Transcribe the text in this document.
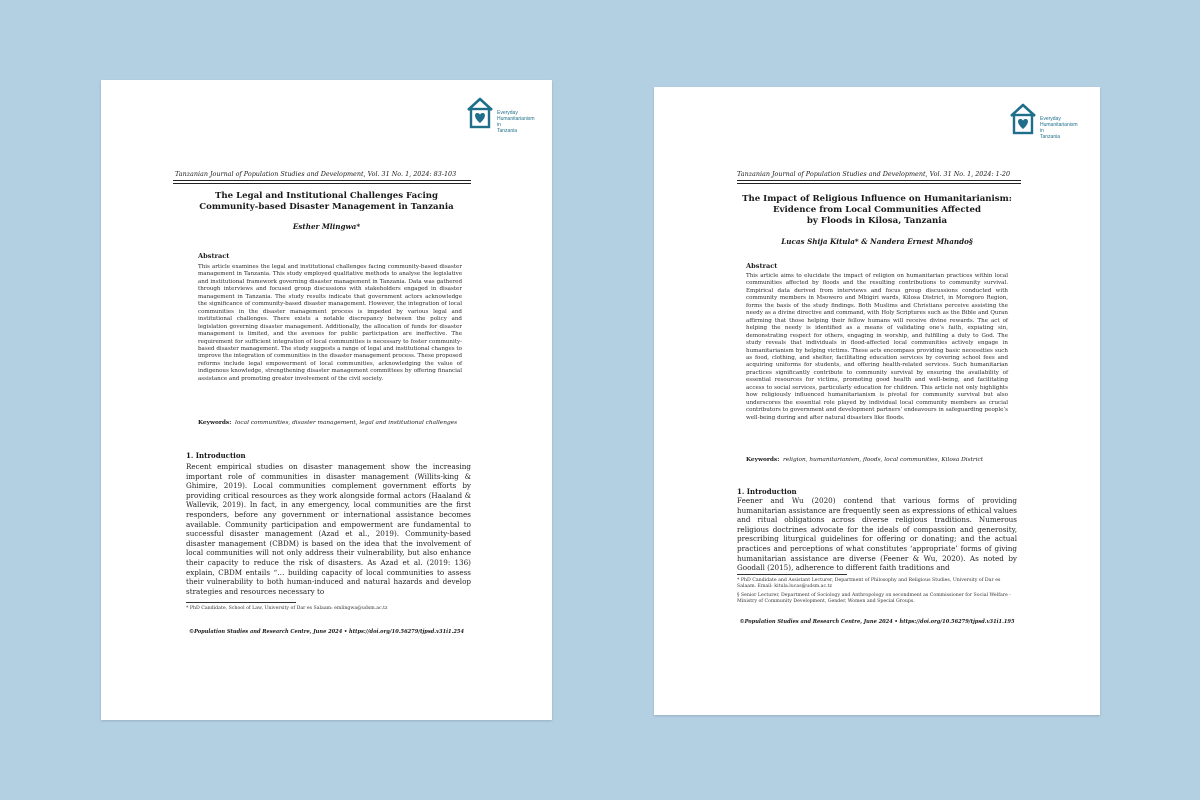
Everyday
Humanitarianism in
Tanzania
Tanzanian Journal of Population Studies and Development, Vol. 31 No. 1, 2024: 83-103
The Legal and Institutional Challenges Facing
Community-based Disaster Management in Tanzania
Esther Mlingwa*
Abstract
This article examines the legal and institutional challenges facing community-based disaster management in Tanzania. This study employed qualitative methods to analyse the legislative and institutional framework governing disaster management in Tanzania. Data was gathered through interviews and focused group discussions with stakeholders engaged in disaster management in Tanzania. The study results indicate that government actors acknowledge the significance of community-based disaster management. However, the integration of local communities in the disaster management process is impeded by various legal and institutional challenges. There exists a notable discrepancy between the policy and legislation governing disaster management. Additionally, the allocation of funds for disaster management is limited, and the avenues for public participation are ineffective. The requirement for sufficient integration of local communities is necessary to foster community-based disaster management. The study suggests a range of legal and institutional changes to improve the integration of communities in the disaster management process. These proposed reforms include legal empowerment of local communities, acknowledging the value of indigenous knowledge, strengthening disaster management committees by offering financial assistance and promoting greater involvement of the civil society.
Keywords: local communities, disaster management, legal and institutional challenges
1. Introduction
Recent empirical studies on disaster management show the increasing important role of communities in disaster management (Willits-king & Ghimire, 2019). Local communities complement government efforts by providing critical resources as they work alongside formal actors (Haaland & Wallevik, 2019). In fact, in any emergency, local communities are the first responders, before any government or international assistance becomes available. Community participation and empowerment are fundamental to successful disaster management (Azad et al., 2019). Community-based disaster management (CBDM) is based on the idea that the involvement of local communities will not only address their vulnerability, but also enhance their capacity to reduce the risk of disasters. As Azad et al. (2019: 136) explain, CBDM entails “… building capacity of local communities to assess their vulnerability to both human-induced and natural hazards and develop strategies and resources necessary to
* PhD Candidate, School of Law, University of Dar es Salaam: emlingwa@udsm.ac.tz
©Population Studies and Research Centre, June 2024 • https://doi.org/10.56279/tjpsd.v31i1.254
Everyday
Humanitarianism in
Tanzania
Tanzanian Journal of Population Studies and Development, Vol. 31 No. 1, 2024: 1-20
The Impact of Religious Influence on Humanitarianism:
Evidence from Local Communities Affected
by Floods in Kilosa, Tanzania
Lucas Shija Kitula* & Nandera Ernest Mhando§
Abstract
This article aims to elucidate the impact of religion on humanitarian practices within local communities affected by floods and the resulting contributions to community survival. Empirical data derived from interviews and focus group discussions conducted with community members in Msowero and Mbigiri wards, Kilosa District, in Morogoro Region, forms the basis of the study findings. Both Muslims and Christians perceive assisting the needy as a divine directive and command, with Holy Scriptures such as the Bible and Quran affirming that those helping their fellow humans will receive divine rewards. The act of helping the needy is identified as a means of validating one’s faith, expiating sin, demonstrating respect for others, engaging in worship, and fulfilling a duty to God. The study reveals that individuals in flood-affected local communities actively engage in humanitarianism by helping victims. These acts encompass providing basic necessities such as food, clothing, and shelter, facilitating education services by covering school fees and acquiring uniforms for students, and offering health-related services. Such humanitarian practices significantly contribute to community survival by ensuring the availability of essential resources for victims, promoting good health and well-being, and facilitating access to social services, particularly education for children. This article not only highlights how religiously influenced humanitarianism is pivotal for community survival but also underscores the essential role played by individual local community members as crucial contributors to government and development partners’ endeavours in safeguarding people’s well-being during and after natural disasters like floods.
Keywords: religion, humanitarianism, floods, local communities, Kilosa District
1. Introduction
Feener and Wu (2020) contend that various forms of providing humanitarian assistance are frequently seen as expressions of ethical values and ritual obligations across diverse religious traditions. Numerous religious doctrines advocate for the ideals of compassion and generosity, prescribing liturgical guidelines for offering or donating; and the actual practices and perceptions of what constitutes ‘appropriate’ forms of giving humanitarian assistance are diverse (Feener & Wu, 2020). As noted by Goodall (2015), adherence to different faith traditions and
* PhD Candidate and Assistant Lecturer, Department of Philosophy and Religious Studies, University of Dar es Salaam. Email: kitula.lucas@udsm.ac.tz
§ Senior Lecturer, Department of Sociology and Anthropology on secondment as Commissioner for Social Welfare - Ministry of Community Development, Gender, Women and Special Groups.
©Population Studies and Research Centre, June 2024 • https://doi.org/10.56279/tjpsd.v31i1.195
